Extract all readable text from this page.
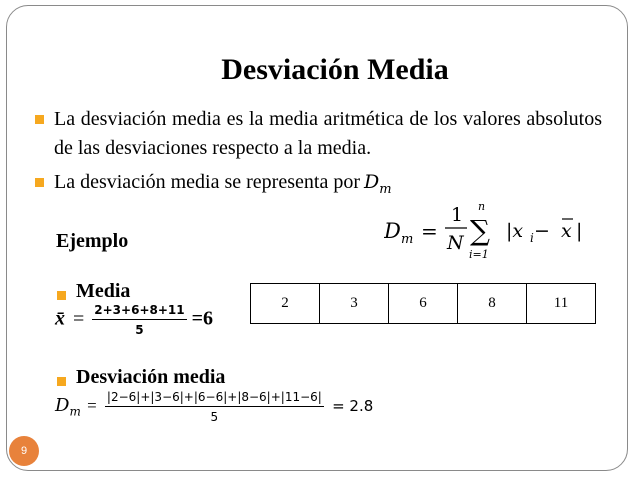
Desviación Media
La desviación media es la media aritmética de los valores absolutos de las desviaciones respecto a la media.
La desviación media se representa por $D_m$
D m =
1
N
n
∑
i=1
|x i − x |
Ejemplo
Media
x̄ = $\frac{2+3+6+8+11}{5} =6$
2	3	6	8	11
Desviación media
$D_m = \frac{|2-6|+|3-6|+|6-6|+|8-6|+|11-6|}{5} = 2.8$
9
